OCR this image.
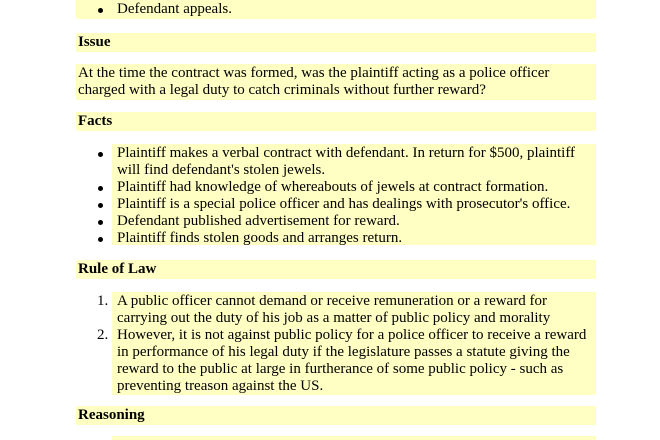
Defendant appeals.
Issue
At the time the contract was formed, was the plaintiff acting as a police officer
charged with a legal duty to catch criminals without further reward?
Facts
Plaintiff makes a verbal contract with defendant. In return for $500, plaintiff
will find defendant's stolen jewels.
Plaintiff had knowledge of whereabouts of jewels at contract formation.
Plaintiff is a special police officer and has dealings with prosecutor's office.
Defendant published advertisement for reward.
Plaintiff finds stolen goods and arranges return.
Rule of Law
1. A public officer cannot demand or receive remuneration or a reward for
carrying out the duty of his job as a matter of public policy and morality
2. However, it is not against public policy for a police officer to receive a reward
in performance of his legal duty if the legislature passes a statute giving the
reward to the public at large in furtherance of some public policy - such as
preventing treason against the US.
Reasoning
